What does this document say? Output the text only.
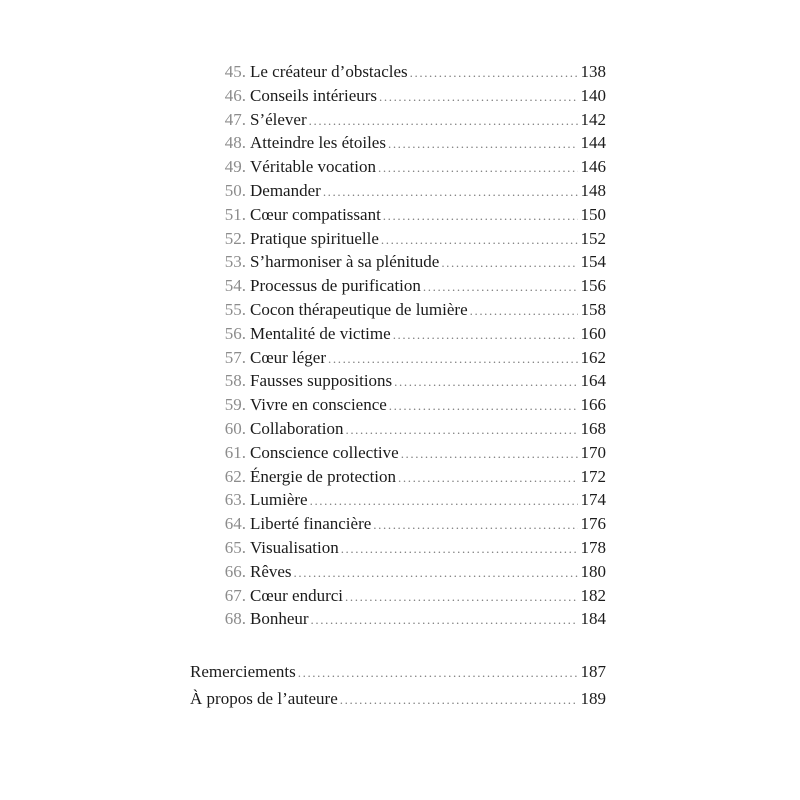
45. Le créateur d’obstacles .....	138
46. Conseils intérieurs .....	140
47. S’élever .....	142
48. Atteindre les étoiles .....	144
49. Véritable vocation .....	146
50. Demander .....	148
51. Cœur compatissant .....	150
52. Pratique spirituelle .....	152
53. S’harmoniser à sa plénitude .....	154
54. Processus de purification .....	156
55. Cocon thérapeutique de lumière .....	158
56. Mentalité de victime .....	160
57. Cœur léger .....	162
58. Fausses suppositions .....	164
59. Vivre en conscience .....	166
60. Collaboration .....	168
61. Conscience collective .....	170
62. Énergie de protection .....	172
63. Lumière .....	174
64. Liberté financière .....	176
65. Visualisation .....	178
66. Rêves .....	180
67. Cœur endurci .....	182
68. Bonheur .....	184
Remerciements .....	187
À propos de l’auteure .....	189
